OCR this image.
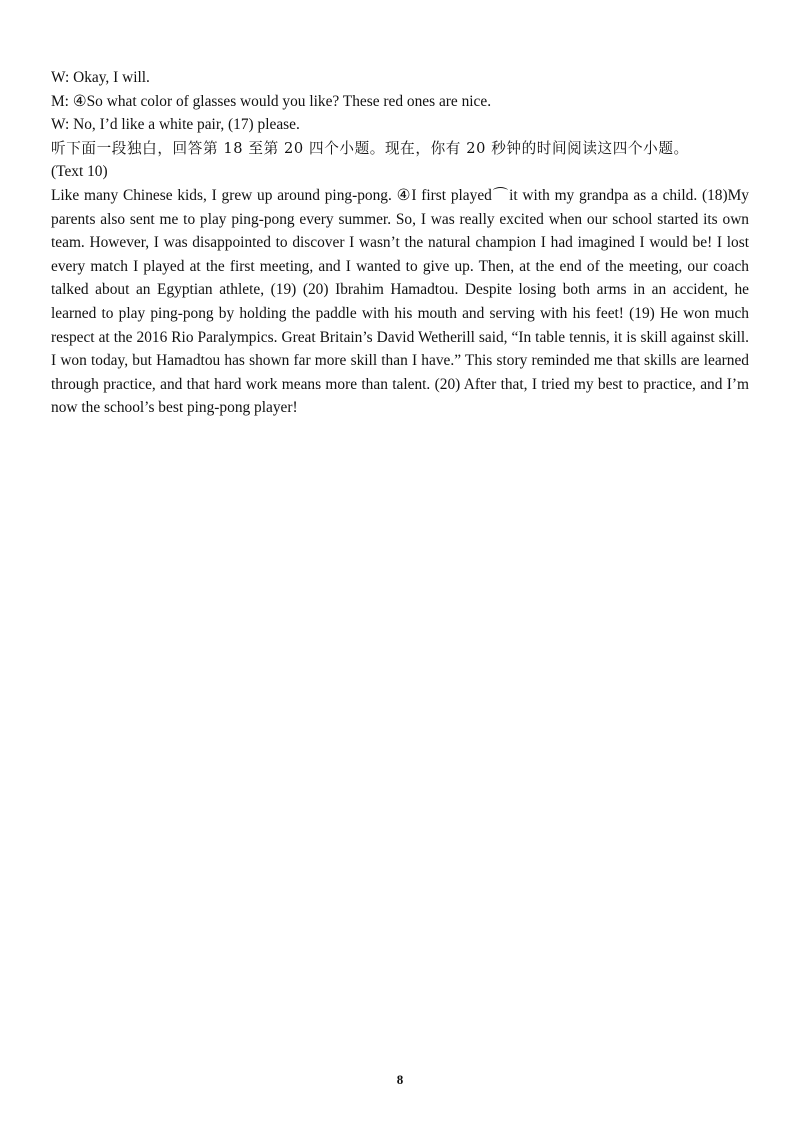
W: Okay, I will.

M: ④So what color of glasses would you like? These red ones are nice.

W: No, I’d like a white pair, (17) please.

听下面一段独白，回答第 18 至第 20 四个小题。现在，你有 20 秒钟的时间阅读这四个小题。

(Text 10)

Like many Chinese kids, I grew up around ping-pong. ④I first played⌒it with my grandpa as a child. (18)My parents also sent me to play ping-pong every summer. So, I was really excited when our school started its own team. However, I was disappointed to discover I wasn’t the natural champion I had imagined I would be! I lost every match I played at the first meeting, and I wanted to give up. Then, at the end of the meeting, our coach talked about an Egyptian athlete, (19) (20) Ibrahim Hamadtou. Despite losing both arms in an accident, he learned to play ping-pong by holding the paddle with his mouth and serving with his feet! (19) He won much respect at the 2016 Rio Paralympics. Great Britain’s David Wetherill said, “In table tennis, it is skill against skill. I won today, but Hamadtou has shown far more skill than I have.” This story reminded me that skills are learned through practice, and that hard work means more than talent. (20) After that, I tried my best to practice, and I’m now the school’s best ping-pong player!

8
